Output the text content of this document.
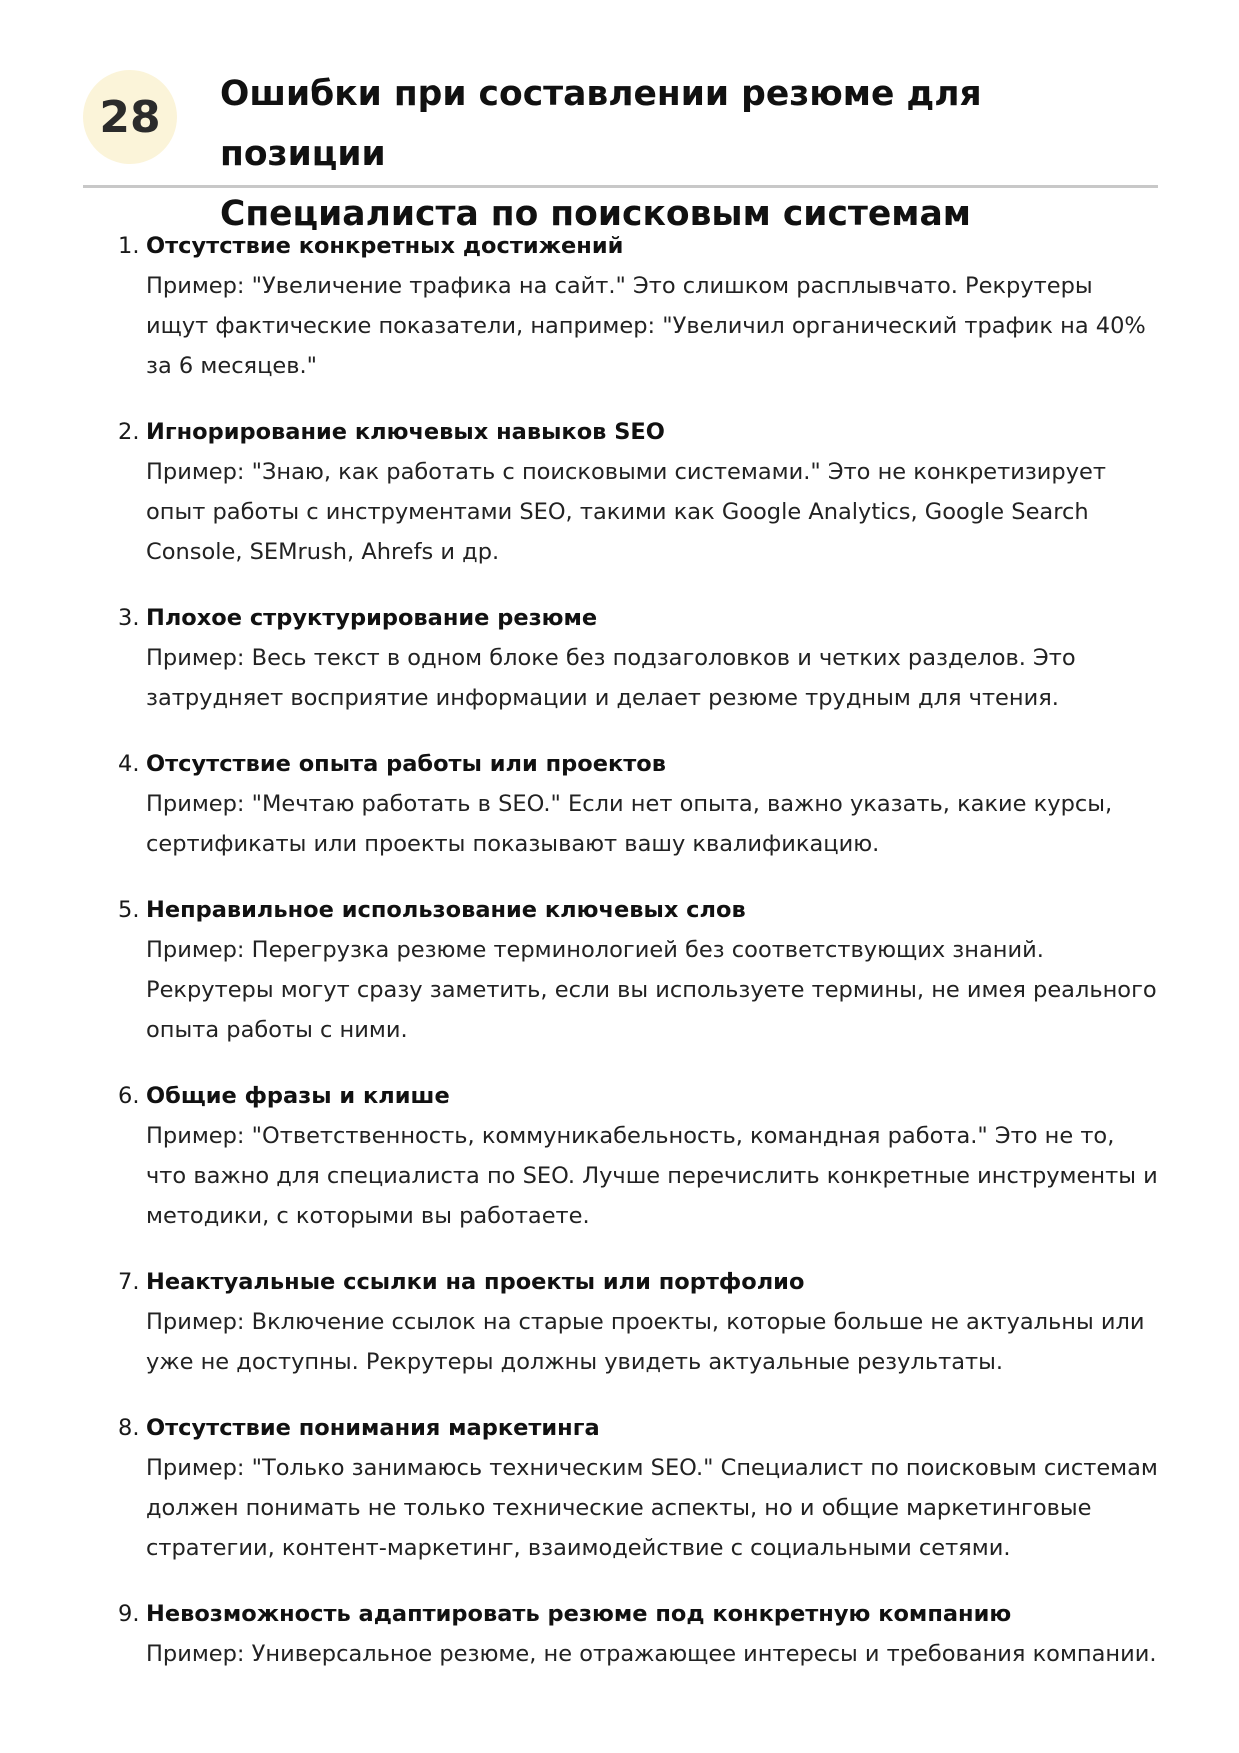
28	Ошибки при составлении резюме для позиции
Специалиста по поисковым системам
1. Отсутствие конкретных достижений
Пример: "Увеличение трафика на сайт." Это слишком расплывчато. Рекрутеры ищут фактические показатели, например: "Увеличил органический трафик на 40% за 6 месяцев."
2. Игнорирование ключевых навыков SEO
Пример: "Знаю, как работать с поисковыми системами." Это не конкретизирует опыт работы с инструментами SEO, такими как Google Analytics, Google Search Console, SEMrush, Ahrefs и др.
3. Плохое структурирование резюме
Пример: Весь текст в одном блоке без подзаголовков и четких разделов. Это затрудняет восприятие информации и делает резюме трудным для чтения.
4. Отсутствие опыта работы или проектов
Пример: "Мечтаю работать в SEO." Если нет опыта, важно указать, какие курсы, сертификаты или проекты показывают вашу квалификацию.
5. Неправильное использование ключевых слов
Пример: Перегрузка резюме терминологией без соответствующих знаний. Рекрутеры могут сразу заметить, если вы используете термины, не имея реального опыта работы с ними.
6. Общие фразы и клише
Пример: "Ответственность, коммуникабельность, командная работа." Это не то, что важно для специалиста по SEO. Лучше перечислить конкретные инструменты и методики, с которыми вы работаете.
7. Неактуальные ссылки на проекты или портфолио
Пример: Включение ссылок на старые проекты, которые больше не актуальны или уже не доступны. Рекрутеры должны увидеть актуальные результаты.
8. Отсутствие понимания маркетинга
Пример: "Только занимаюсь техническим SEO." Специалист по поисковым системам должен понимать не только технические аспекты, но и общие маркетинговые стратегии, контент-маркетинг, взаимодействие с социальными сетями.
9. Невозможность адаптировать резюме под конкретную компанию
Пример: Универсальное резюме, не отражающее интересы и требования компании.
